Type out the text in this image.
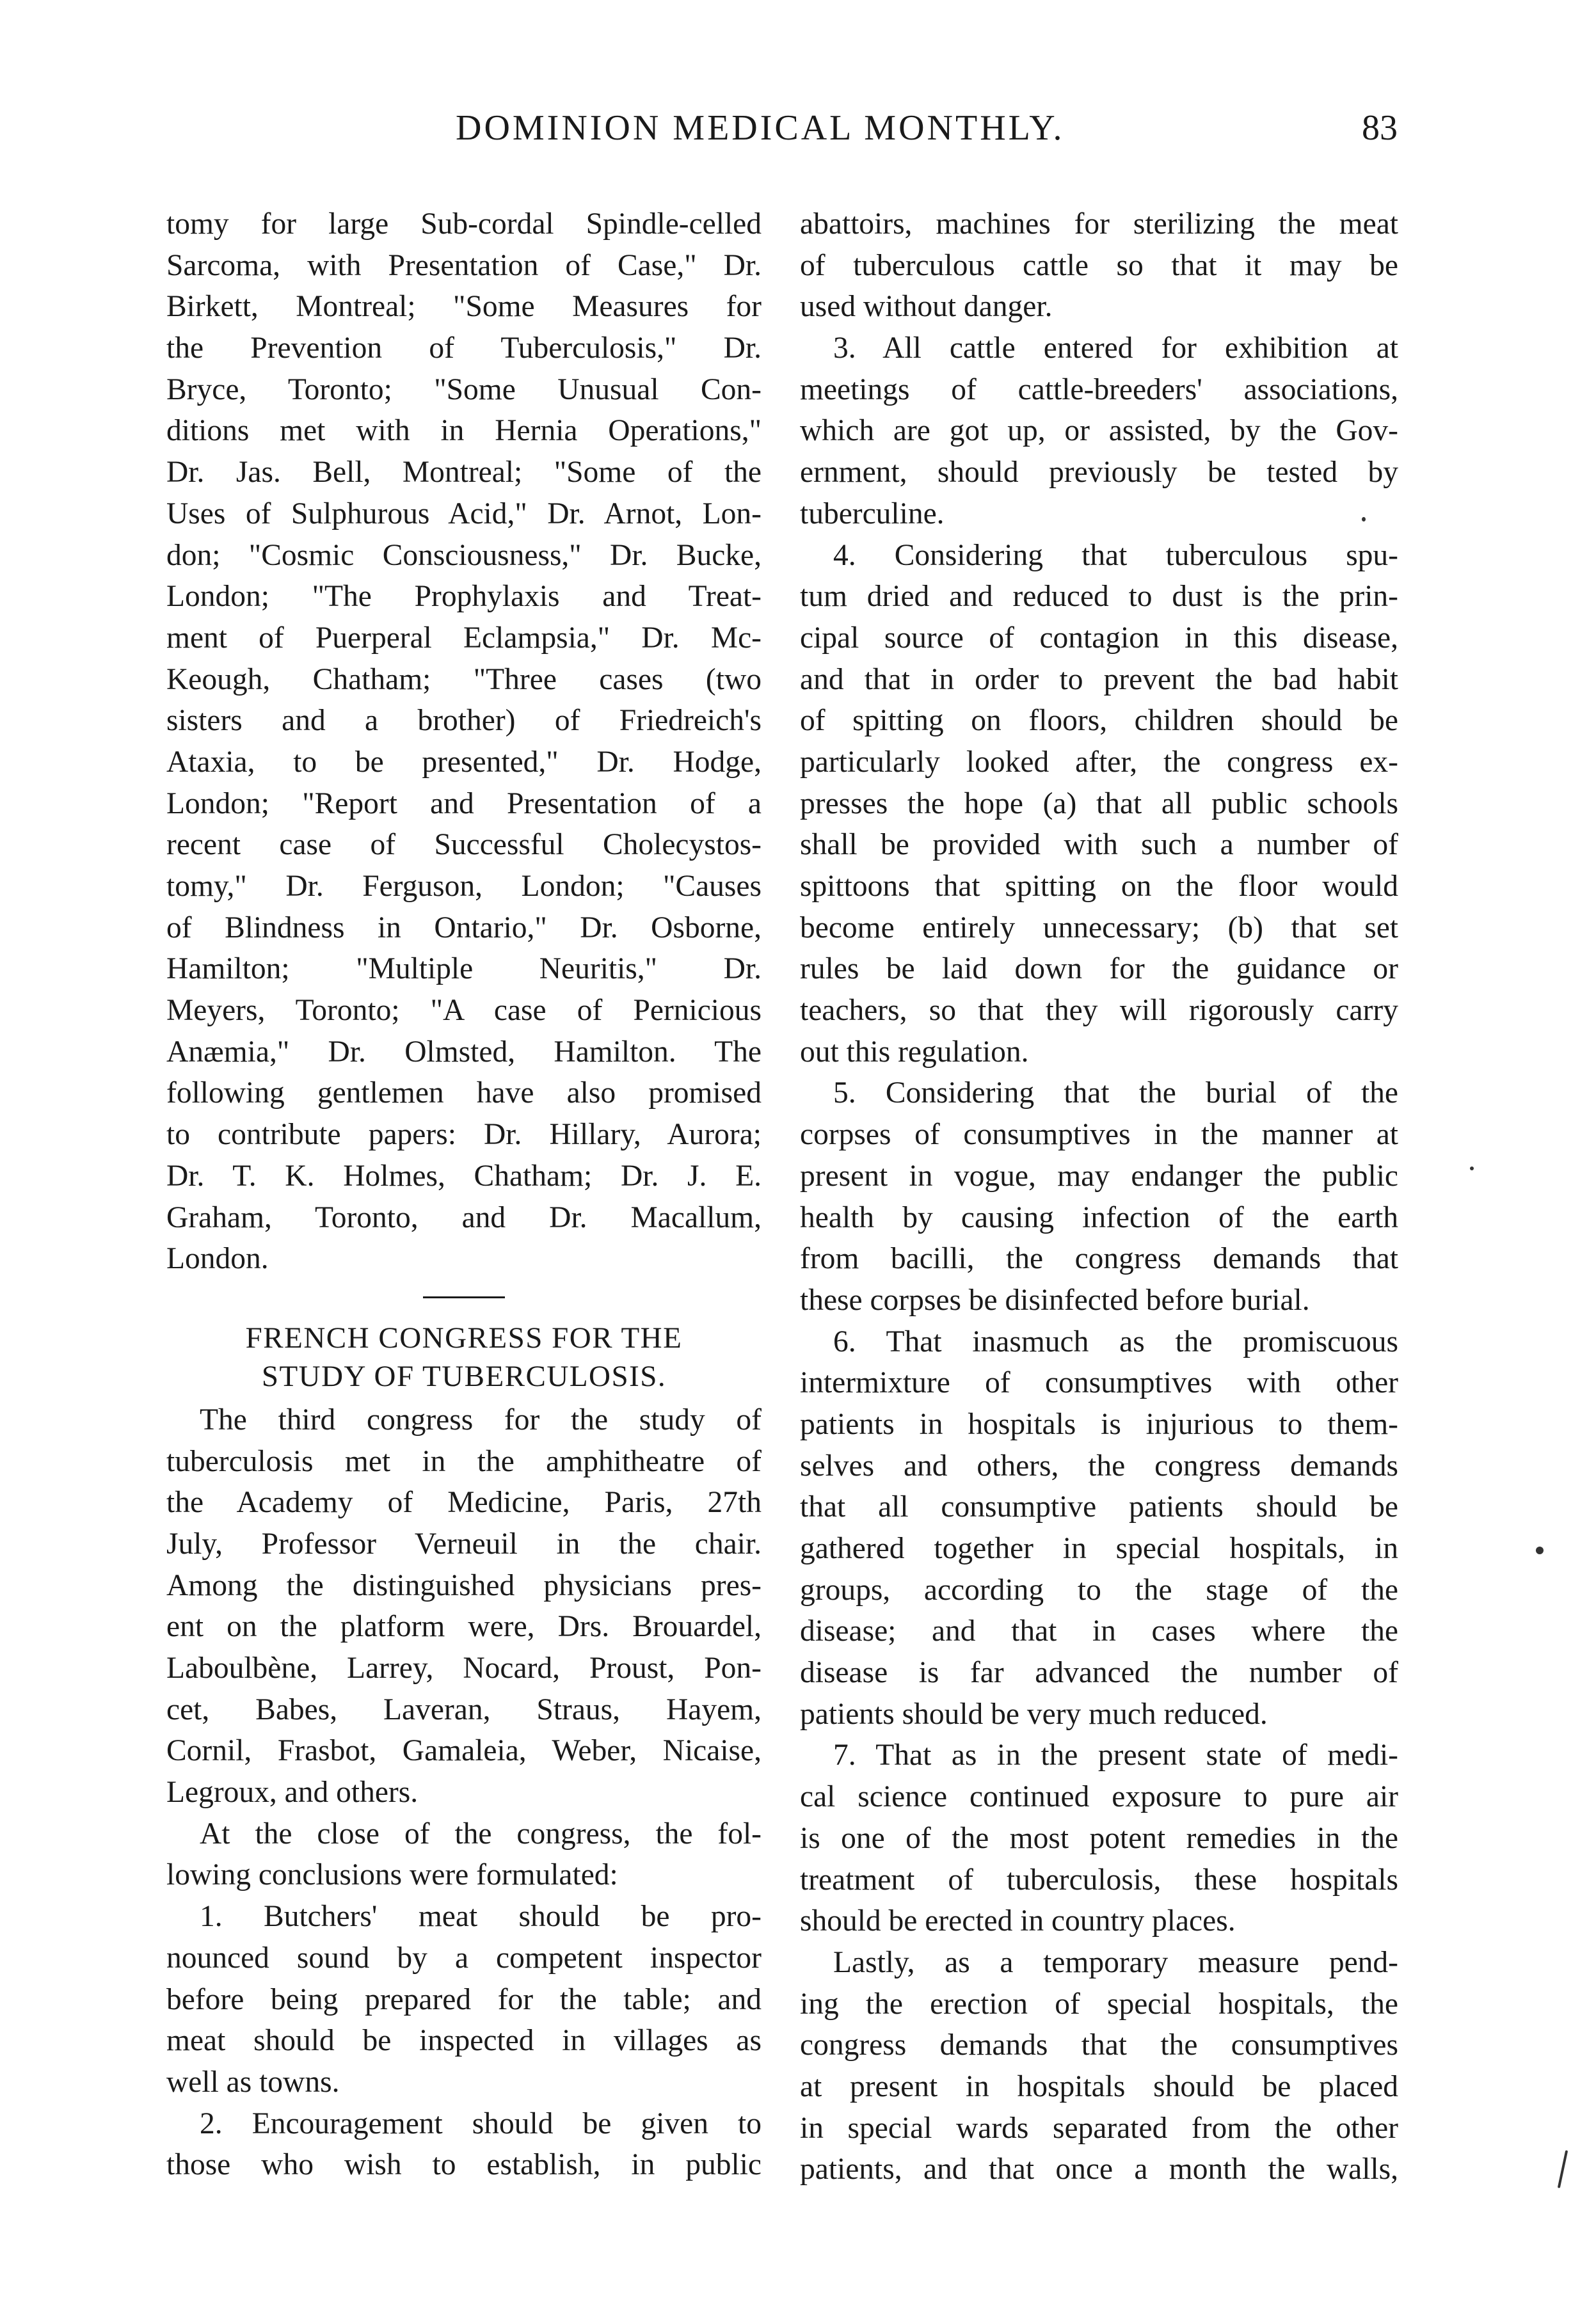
DOMINION MEDICAL MONTHLY.	83
tomy for large Sub-cordal Spindle-celled
Sarcoma, with Presentation of Case," Dr.
Birkett, Montreal; "Some Measures for
the Prevention of Tuberculosis," Dr.
Bryce, Toronto; "Some Unusual Con-
ditions met with in Hernia Operations,"
Dr. Jas. Bell, Montreal; "Some of the
Uses of Sulphurous Acid," Dr. Arnot, Lon-
don; "Cosmic Consciousness," Dr. Bucke,
London; "The Prophylaxis and Treat-
ment of Puerperal Eclampsia," Dr. Mc-
Keough, Chatham; "Three cases (two
sisters and a brother) of Friedreich's
Ataxia, to be presented," Dr. Hodge,
London; "Report and Presentation of a
recent case of Successful Cholecystos-
tomy," Dr. Ferguson, London; "Causes
of Blindness in Ontario," Dr. Osborne,
Hamilton; "Multiple Neuritis," Dr.
Meyers, Toronto; "A case of Pernicious
Anæmia," Dr. Olmsted, Hamilton. The
following gentlemen have also promised
to contribute papers: Dr. Hillary, Aurora;
Dr. T. K. Holmes, Chatham; Dr. J. E.
Graham, Toronto, and Dr. Macallum,
London.
FRENCH CONGRESS FOR THE
STUDY OF TUBERCULOSIS.
The third congress for the study of
tuberculosis met in the amphitheatre of
the Academy of Medicine, Paris, 27th
July, Professor Verneuil in the chair.
Among the distinguished physicians pres-
ent on the platform were, Drs. Brouardel,
Laboulbène, Larrey, Nocard, Proust, Pon-
cet, Babes, Laveran, Straus, Hayem,
Cornil, Frasbot, Gamaleia, Weber, Nicaise,
Legroux, and others.
At the close of the congress, the fol-
lowing conclusions were formulated:
1. Butchers' meat should be pro-
nounced sound by a competent inspector
before being prepared for the table; and
meat should be inspected in villages as
well as towns.
2. Encouragement should be given to
those who wish to establish, in public
abattoirs, machines for sterilizing the meat
of tuberculous cattle so that it may be
used without danger.
3. All cattle entered for exhibition at
meetings of cattle-breeders' associations,
which are got up, or assisted, by the Gov-
ernment, should previously be tested by
tuberculine.
4. Considering that tuberculous spu-
tum dried and reduced to dust is the prin-
cipal source of contagion in this disease,
and that in order to prevent the bad habit
of spitting on floors, children should be
particularly looked after, the congress ex-
presses the hope (a) that all public schools
shall be provided with such a number of
spittoons that spitting on the floor would
become entirely unnecessary; (b) that set
rules be laid down for the guidance or
teachers, so that they will rigorously carry
out this regulation.
5. Considering that the burial of the
corpses of consumptives in the manner at
present in vogue, may endanger the public
health by causing infection of the earth
from bacilli, the congress demands that
these corpses be disinfected before burial.
6. That inasmuch as the promiscuous
intermixture of consumptives with other
patients in hospitals is injurious to them-
selves and others, the congress demands
that all consumptive patients should be
gathered together in special hospitals, in
groups, according to the stage of the
disease; and that in cases where the
disease is far advanced the number of
patients should be very much reduced.
7. That as in the present state of medi-
cal science continued exposure to pure air
is one of the most potent remedies in the
treatment of tuberculosis, these hospitals
should be erected in country places.
Lastly, as a temporary measure pend-
ing the erection of special hospitals, the
congress demands that the consumptives
at present in hospitals should be placed
in special wards separated from the other
patients, and that once a month the walls,
